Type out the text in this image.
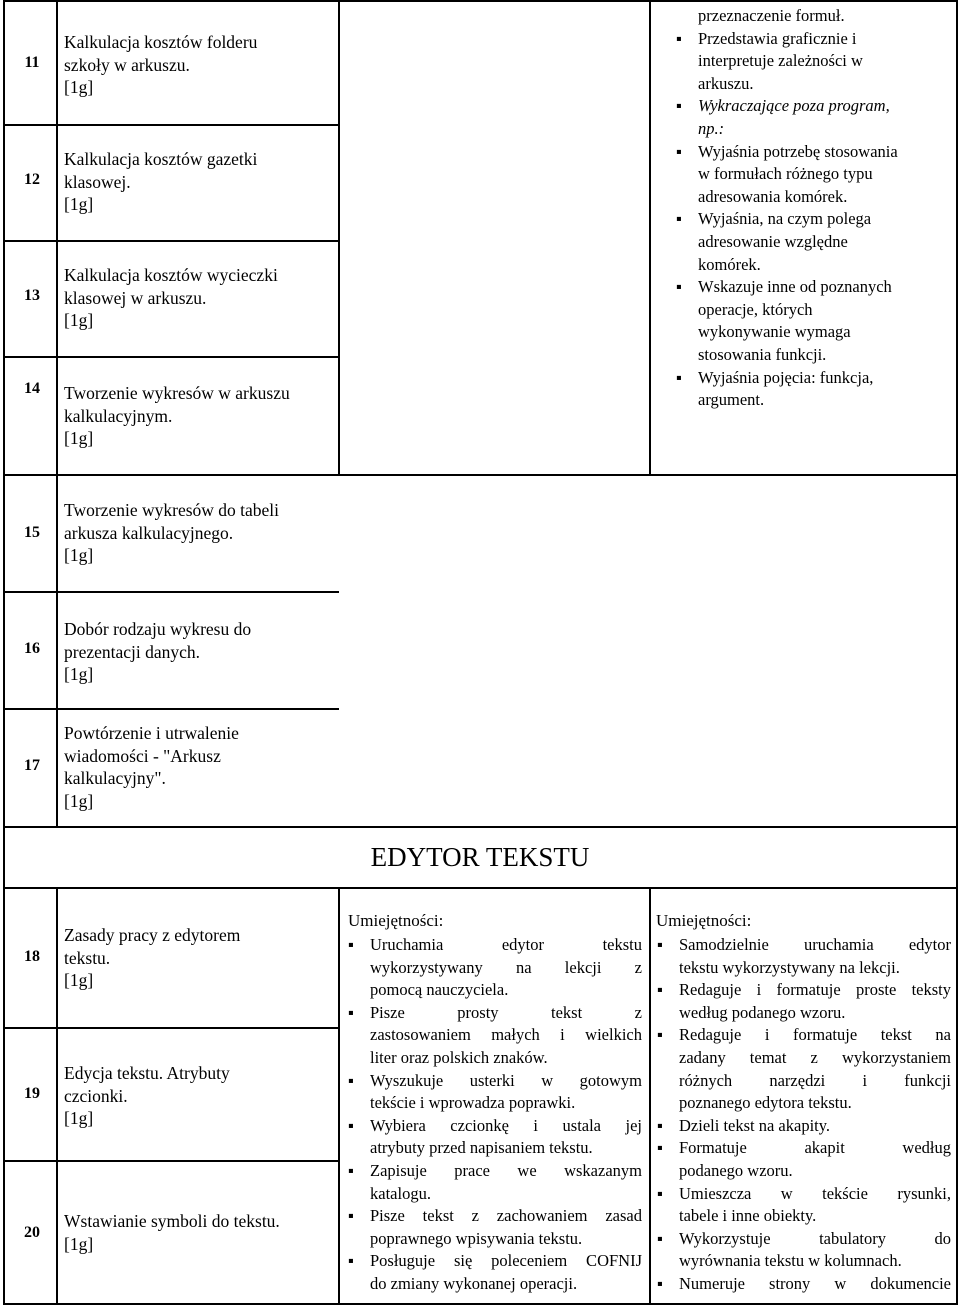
EDYTOR TEKSTU
11
Kalkulacja kosztów folderu
szkoły w arkuszu.
[1g]
12
Kalkulacja kosztów gazetki
klasowej.
[1g]
13
Kalkulacja kosztów wycieczki
klasowej w arkuszu.
[1g]
14	Tworzenie wykresów w arkuszu
kalkulacyjnym.
[1g]
15
Tworzenie wykresów do tabeli
arkusza kalkulacyjnego.
[1g]
16
Dobór rodzaju wykresu do
prezentacji danych.
[1g]
17
Powtórzenie i utrwalenie
wiadomości - "Arkusz
kalkulacyjny".
[1g]
przeznaczenie formuł.
▪ Przedstawia graficznie i
interpretuje zależności w
arkuszu.
▪ Wykraczające poza program,
np.:
▪ Wyjaśnia potrzebę stosowania
w formułach różnego typu
adresowania komórek.
▪ Wyjaśnia, na czym polega
adresowanie względne
komórek.
▪ Wskazuje inne od poznanych
operacje, których
wykonywanie wymaga
stosowania funkcji.
▪ Wyjaśnia pojęcia: funkcja,
argument.
18
Zasady pracy z edytorem
tekstu.
[1g]
19
Edycja tekstu. Atrybuty
czcionki.
[1g]
20
Wstawianie symboli do tekstu.
[1g]
Umiejętności:
▪ Uruchamia edytor tekstu
wykorzystywany na lekcji z
pomocą nauczyciela.
▪ Pisze prosty tekst z
zastosowaniem małych i wielkich
liter oraz polskich znaków.
▪ Wyszukuje usterki w gotowym
tekście i wprowadza poprawki.
▪ Wybiera czcionkę i ustala jej
atrybuty przed napisaniem tekstu.
▪ Zapisuje prace we wskazanym
katalogu.
▪ Pisze tekst z zachowaniem zasad
poprawnego wpisywania tekstu.
▪ Posługuje się poleceniem COFNIJ
do zmiany wykonanej operacji.
Umiejętności:
▪ Samodzielnie uruchamia edytor
tekstu wykorzystywany na lekcji.
▪ Redaguje i formatuje proste teksty
według podanego wzoru.
▪ Redaguje i formatuje tekst na
zadany temat z wykorzystaniem
różnych narzędzi i funkcji
poznanego edytora tekstu.
▪ Dzieli tekst na akapity.
▪ Formatuje akapit według
podanego wzoru.
▪ Umieszcza w tekście rysunki,
tabele i inne obiekty.
▪ Wykorzystuje tabulatory do
wyrównania tekstu w kolumnach.
▪ Numeruje strony w dokumencie
